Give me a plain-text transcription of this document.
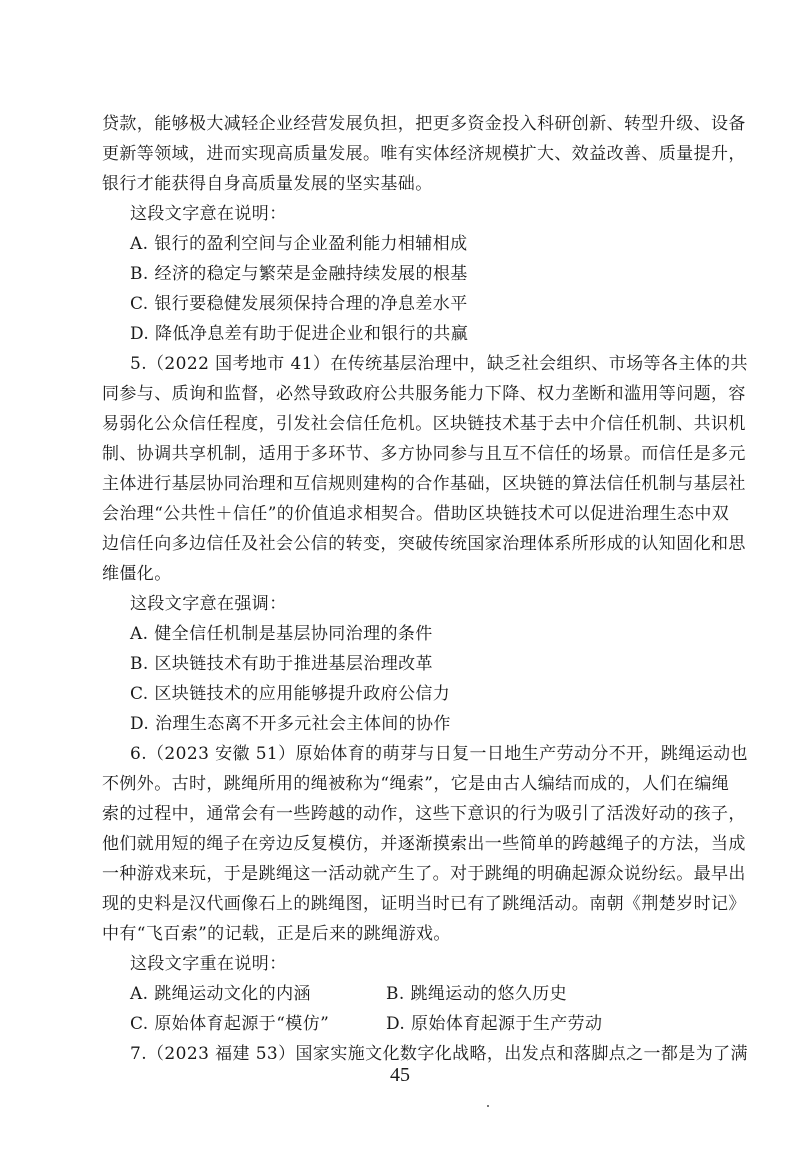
贷款，能够极大减轻企业经营发展负担，把更多资金投入科研创新、转型升级、设备
更新等领域，进而实现高质量发展。唯有实体经济规模扩大、效益改善、质量提升，
银行才能获得自身高质量发展的坚实基础。
这段文字意在说明：
A. 银行的盈利空间与企业盈利能力相辅相成
B. 经济的稳定与繁荣是金融持续发展的根基
C. 银行要稳健发展须保持合理的净息差水平
D. 降低净息差有助于促进企业和银行的共赢
5.（2022 国考地市 41）在传统基层治理中，缺乏社会组织、市场等各主体的共
同参与、质询和监督，必然导致政府公共服务能力下降、权力垄断和滥用等问题，容
易弱化公众信任程度，引发社会信任危机。区块链技术基于去中介信任机制、共识机
制、协调共享机制，适用于多环节、多方协同参与且互不信任的场景。而信任是多元
主体进行基层协同治理和互信规则建构的合作基础，区块链的算法信任机制与基层社
会治理“公共性＋信任”的价值追求相契合。借助区块链技术可以促进治理生态中双
边信任向多边信任及社会公信的转变，突破传统国家治理体系所形成的认知固化和思
维僵化。
这段文字意在强调：
A. 健全信任机制是基层协同治理的条件
B. 区块链技术有助于推进基层治理改革
C. 区块链技术的应用能够提升政府公信力
D. 治理生态离不开多元社会主体间的协作
6.（2023 安徽 51）原始体育的萌芽与日复一日地生产劳动分不开，跳绳运动也
不例外。古时，跳绳所用的绳被称为“绳索”，它是由古人编结而成的，人们在编绳
索的过程中，通常会有一些跨越的动作，这些下意识的行为吸引了活泼好动的孩子，
他们就用短的绳子在旁边反复模仿，并逐渐摸索出一些简单的跨越绳子的方法，当成
一种游戏来玩，于是跳绳这一活动就产生了。对于跳绳的明确起源众说纷纭。最早出
现的史料是汉代画像石上的跳绳图，证明当时已有了跳绳活动。南朝《荆楚岁时记》
中有“飞百索”的记载，正是后来的跳绳游戏。
这段文字重在说明：
A. 跳绳运动文化的内涵	B. 跳绳运动的悠久历史
C. 原始体育起源于“模仿”	D. 原始体育起源于生产劳动
7.（2023 福建 53）国家实施文化数字化战略，出发点和落脚点之一都是为了满
45
